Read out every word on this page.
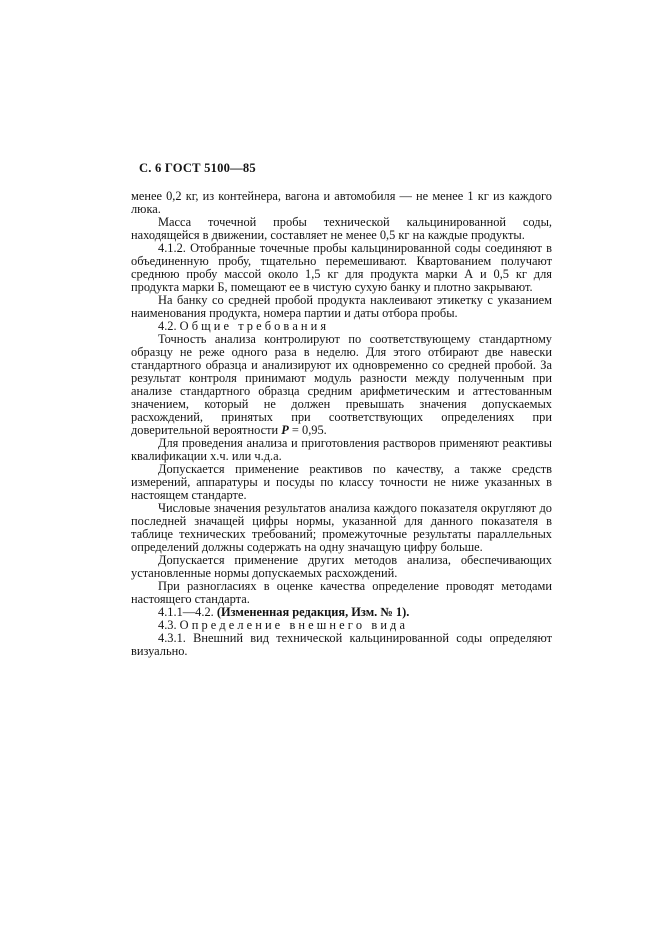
С. 6 ГОСТ 5100—85

менее 0,2 кг, из контейнера, вагона и автомобиля — не менее 1 кг из каждого люка.

Масса точечной пробы технической кальцинированной соды, находящейся в движении, составляет не менее 0,5 кг на каждые продукты.

4.1.2. Отобранные точечные пробы кальцинированной соды соединяют в объединенную пробу, тщательно перемешивают. Квартованием получают среднюю пробу массой около 1,5 кг для продукта марки А и 0,5 кг для продукта марки Б, помещают ее в чистую сухую банку и плотно закрывают.

На банку со средней пробой продукта наклеивают этикетку с указанием наименования продукта, номера партии и даты отбора пробы.

4.2. О б щ и е   т р е б о в а н и я

Точность анализа контролируют по соответствующему стандартному образцу не реже одного раза в неделю. Для этого отбирают две навески стандартного образца и анализируют их одновременно со средней пробой. За результат контроля принимают модуль разности между полученным при анализе стандартного образца средним арифметическим и аттестованным значением, который не должен превышать значения допускаемых расхождений, принятых при соответствующих определениях при доверительной вероятности Р = 0,95.

Для проведения анализа и приготовления растворов применяют реактивы квалификации х.ч. или ч.д.а.

Допускается применение реактивов по качеству, а также средств измерений, аппаратуры и посуды по классу точности не ниже указанных в настоящем стандарте.

Числовые значения результатов анализа каждого показателя округляют до последней значащей цифры нормы, указанной для данного показателя в таблице технических требований; промежуточные результаты параллельных определений должны содержать на одну значащую цифру больше.

Допускается применение других методов анализа, обеспечивающих установленные нормы допускаемых расхождений.

При разногласиях в оценке качества определение проводят методами настоящего стандарта.

4.1.1—4.2. (Измененная редакция, Изм. № 1).

4.3. О п р е д е л е н и е   в н е ш н е г о   в и д а

4.3.1. Внешний вид технической кальцинированной соды определяют визуально.
